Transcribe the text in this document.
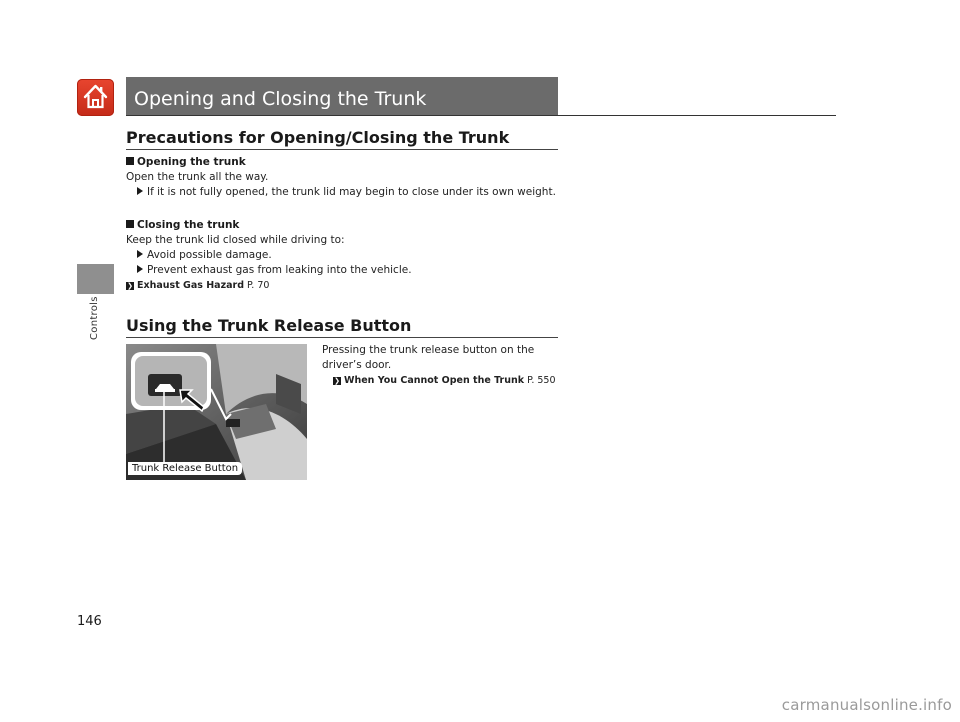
Controls
Opening and Closing the Trunk
Precautions for Opening/Closing the Trunk
Opening the trunk
Open the trunk all the way.
If it is not fully opened, the trunk lid may begin to close under its own weight.
Closing the trunk
Keep the trunk lid closed while driving to:
Avoid possible damage.
Prevent exhaust gas from leaking into the vehicle.
❯ Exhaust Gas Hazard P. 70
Using the Trunk Release Button
Trunk Release Button
Pressing the trunk release button on the
driver’s door.
❯ When You Cannot Open the Trunk P. 550
146
carmanualsonline.info
